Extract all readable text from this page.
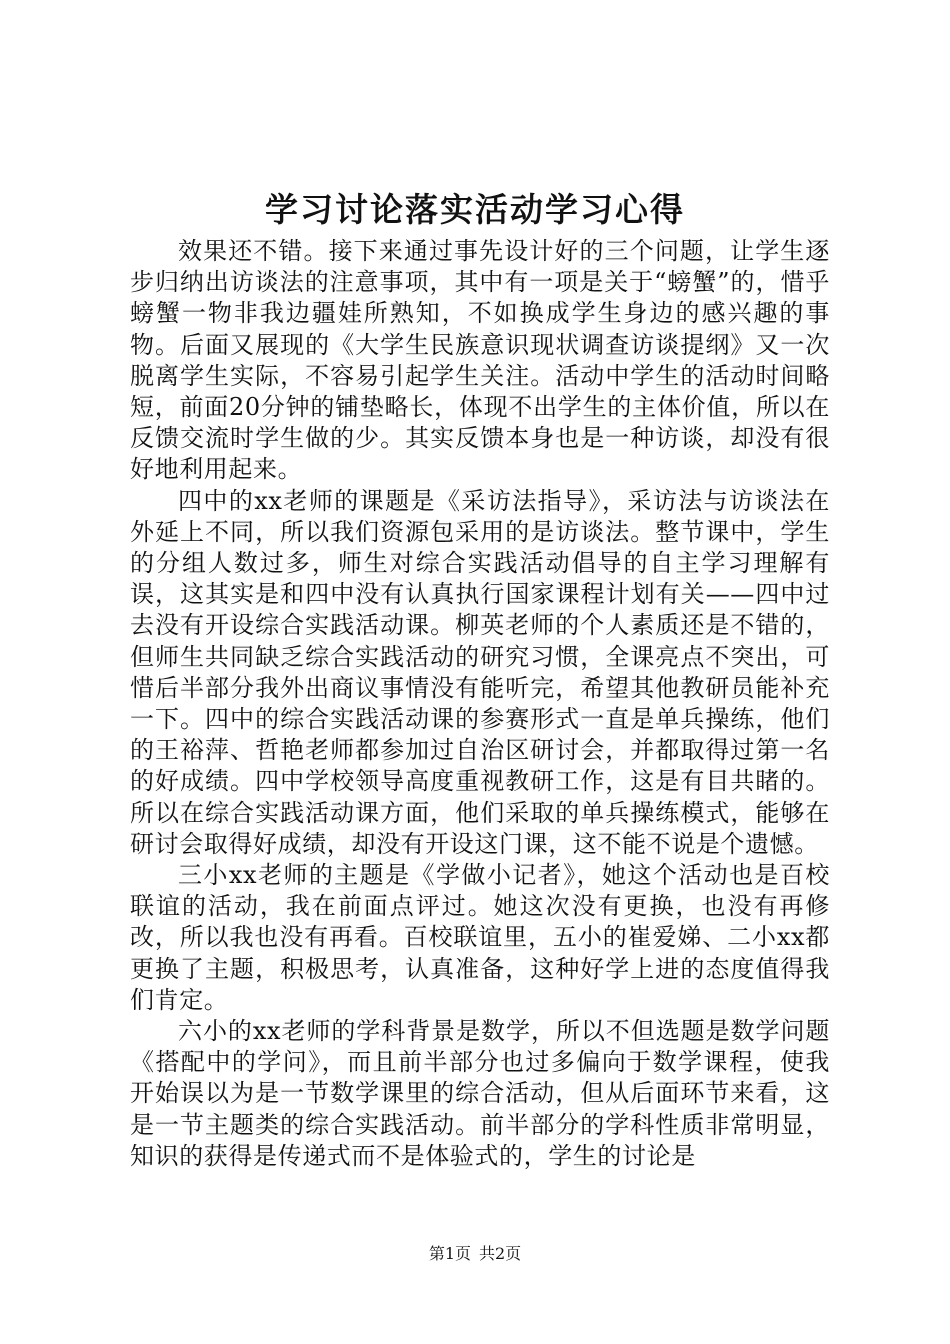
学习讨论落实活动学习心得

效果还不错。接下来通过事先设计好的三个问题，让学生逐步归纳出访谈法的注意事项，其中有一项是关于“螃蟹”的，惜乎螃蟹一物非我边疆娃所熟知，不如换成学生身边的感兴趣的事物。后面又展现的《大学生民族意识现状调查访谈提纲》又一次脱离学生实际，不容易引起学生关注。活动中学生的活动时间略短，前面20分钟的铺垫略长，体现不出学生的主体价值，所以在反馈交流时学生做的少。其实反馈本身也是一种访谈，却没有很好地利用起来。

四中的xx老师的课题是《采访法指导》，采访法与访谈法在外延上不同，所以我们资源包采用的是访谈法。整节课中，学生的分组人数过多，师生对综合实践活动倡导的自主学习理解有误，这其实是和四中没有认真执行国家课程计划有关——四中过去没有开设综合实践活动课。柳英老师的个人素质还是不错的，但师生共同缺乏综合实践活动的研究习惯，全课亮点不突出，可惜后半部分我外出商议事情没有能听完，希望其他教研员能补充一下。四中的综合实践活动课的参赛形式一直是单兵操练，他们的王裕萍、哲艳老师都参加过自治区研讨会，并都取得过第一名的好成绩。四中学校领导高度重视教研工作，这是有目共睹的。所以在综合实践活动课方面，他们采取的单兵操练模式，能够在研讨会取得好成绩，却没有开设这门课，这不能不说是个遗憾。

三小xx老师的主题是《学做小记者》，她这个活动也是百校联谊的活动，我在前面点评过。她这次没有更换，也没有再修改，所以我也没有再看。百校联谊里，五小的崔爱娣、二小xx都更换了主题，积极思考，认真准备，这种好学上进的态度值得我们肯定。

六小的xx老师的学科背景是数学，所以不但选题是数学问题《搭配中的学问》，而且前半部分也过多偏向于数学课程，使我开始误以为是一节数学课里的综合活动，但从后面环节来看，这是一节主题类的综合实践活动。前半部分的学科性质非常明显，知识的获得是传递式而不是体验式的，学生的讨论是

第1页 共2页
